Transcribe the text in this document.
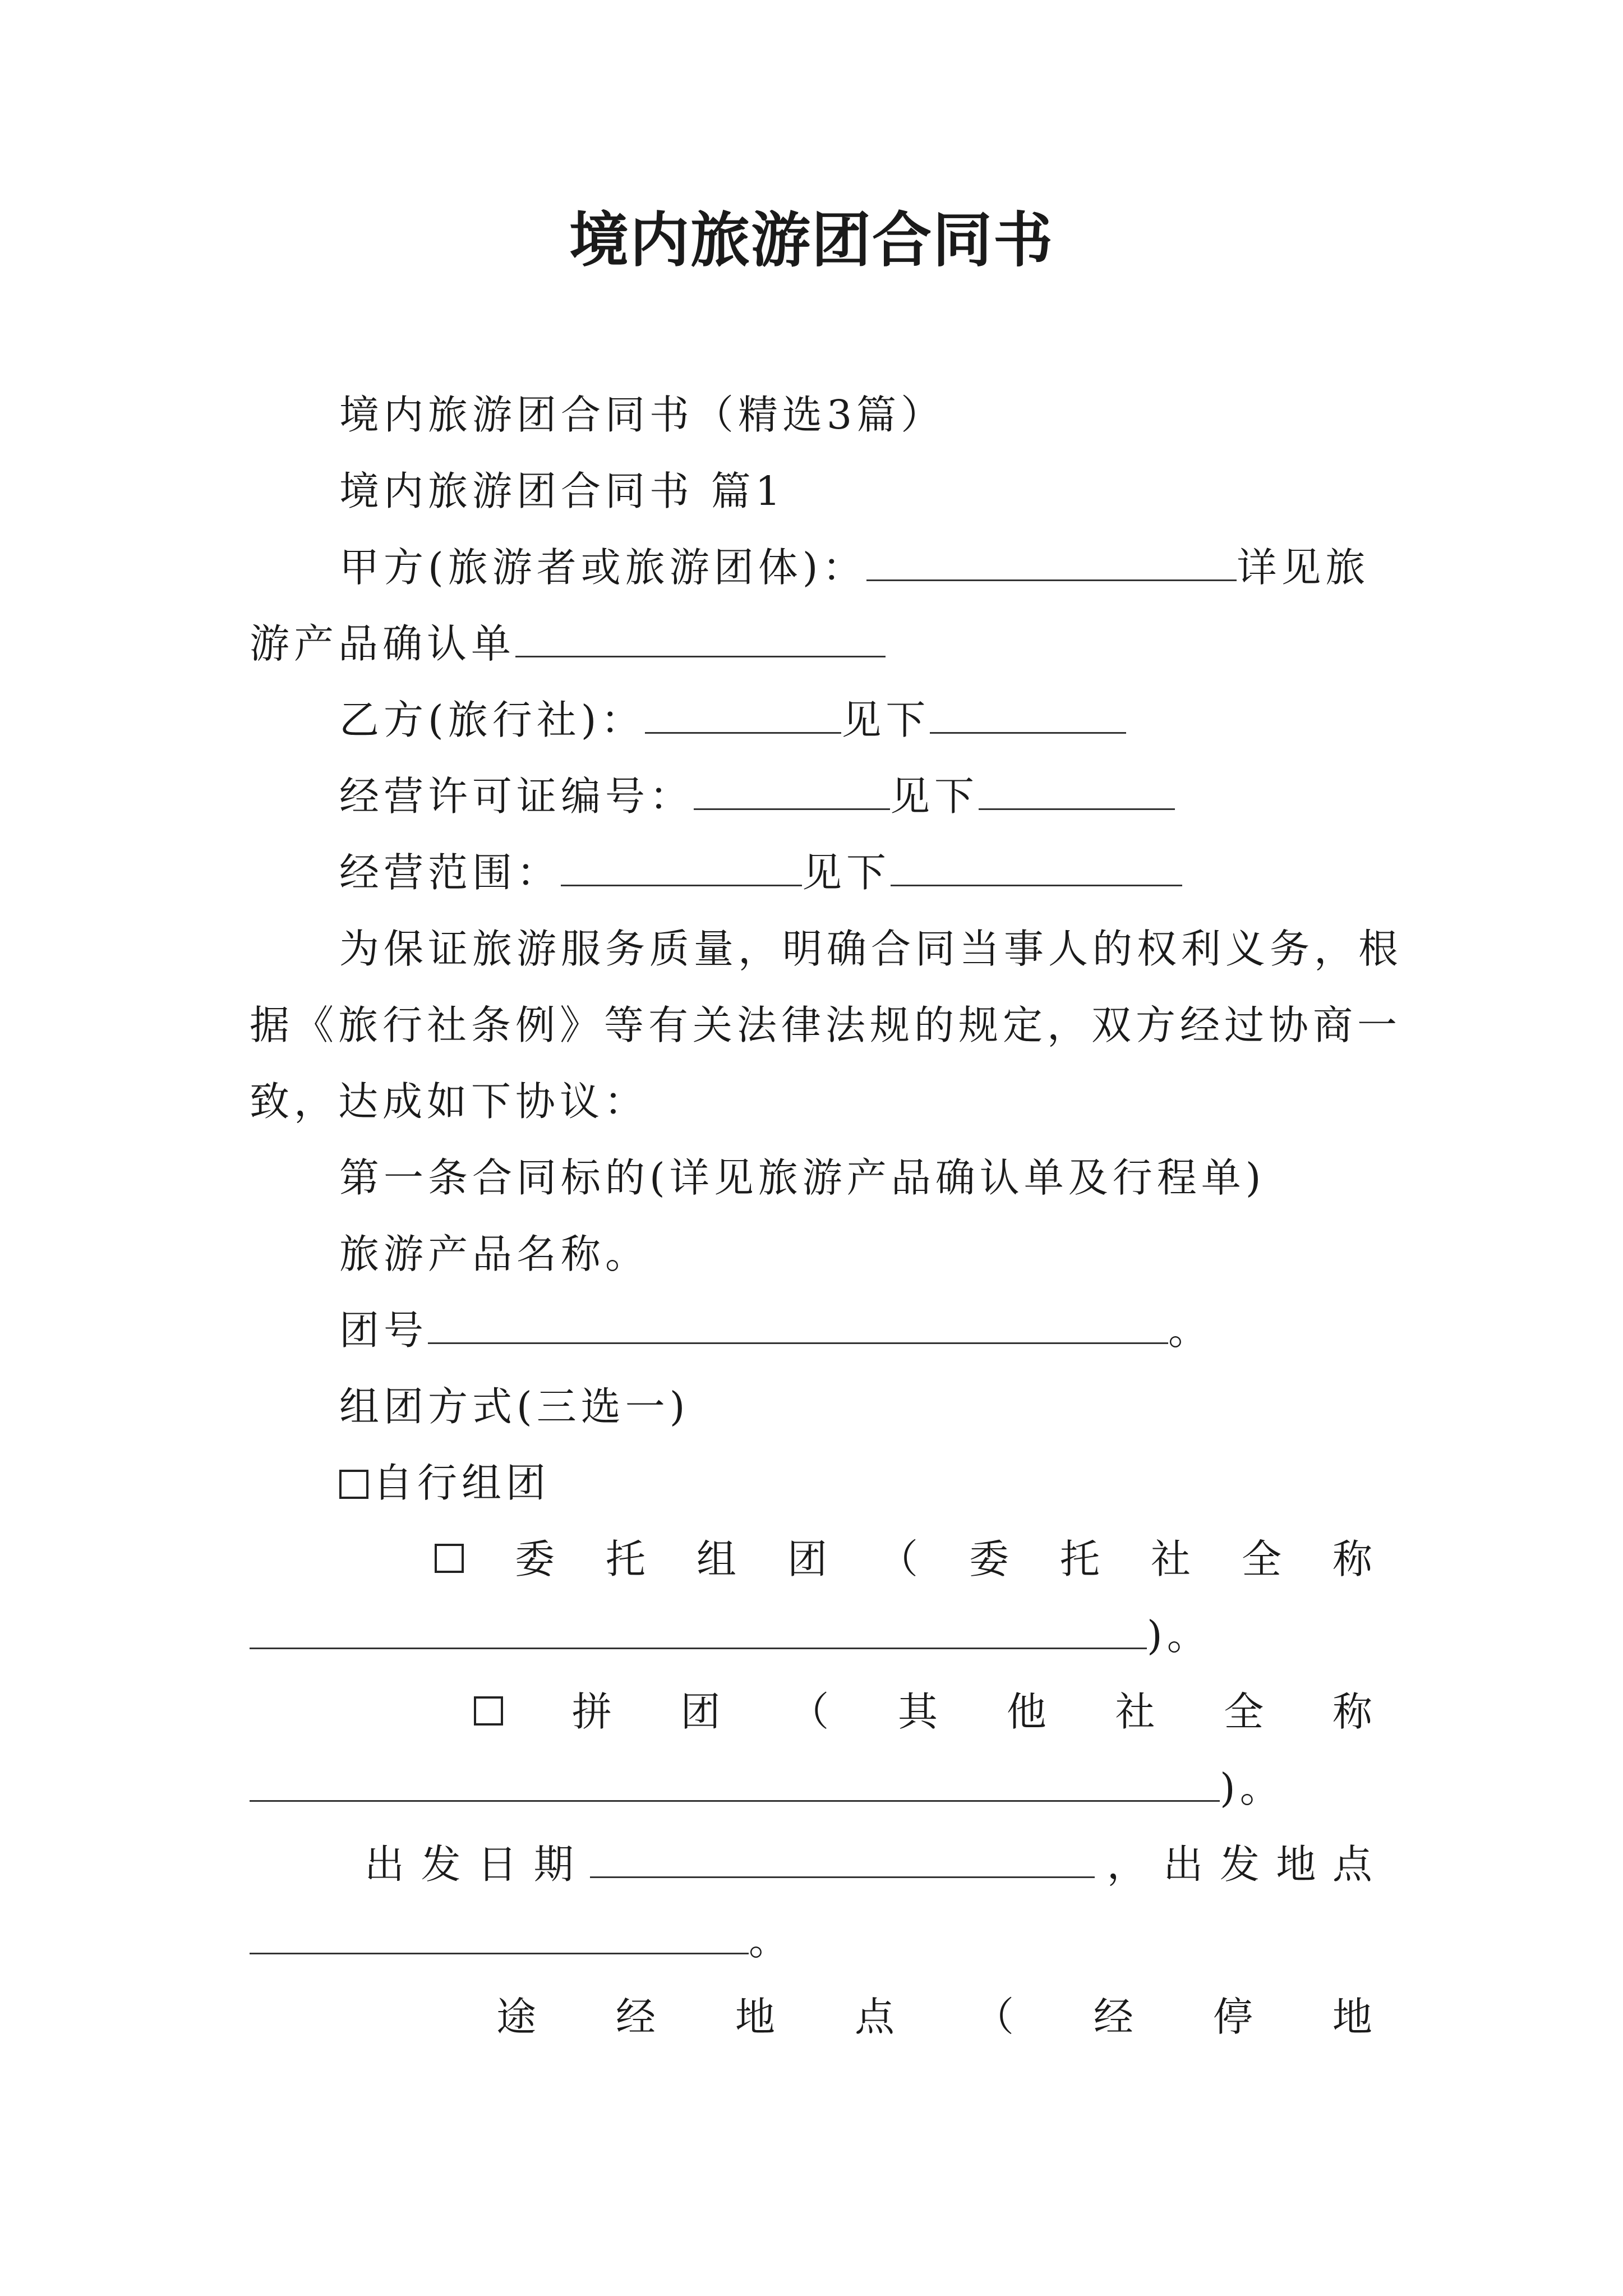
境内旅游团合同书
境内旅游团合同书（精选3篇）
境内旅游团合同书 篇1
甲方(旅游者或旅游团体)：	详见旅
游产品确认单
乙方(旅行社)：	见下
经营许可证编号：	见下
经营范围：	见下
为保证旅游服务质量，明确合同当事人的权利义务，根
据《旅行社条例》等有关法律法规的规定，双方经过协商一
致，达成如下协议：
第一条合同标的(详见旅游产品确认单及行程单)
旅游产品名称。
团号	。
组团方式(三选一)
自行组团
委 托 组 团 （ 委 托 社 全 称
)。
拼 团 （ 其 他 社 全 称
)。
出 发 日 期	， 出 发 地 点
。
途 经 地 点 （ 经 停 地
